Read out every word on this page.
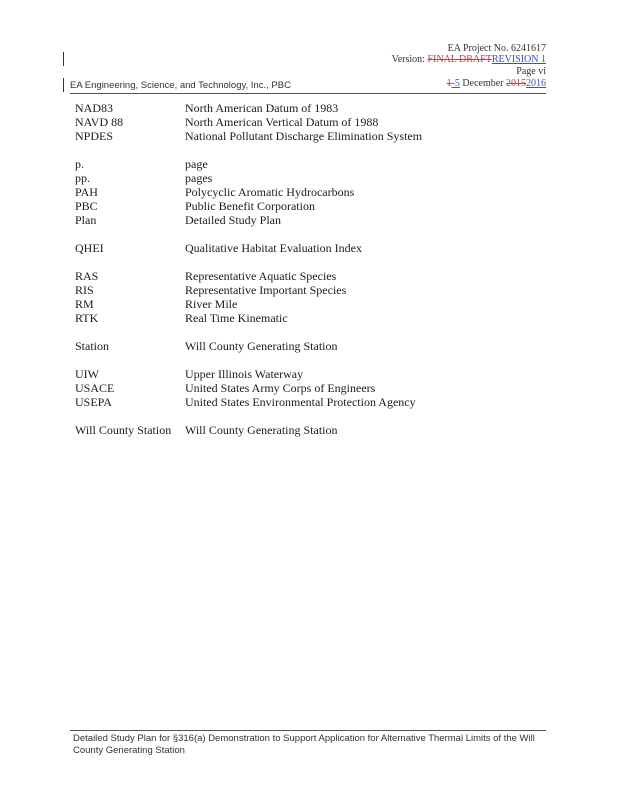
EA Project No. 6241617
Version: FINAL DRAFTREVISION 1
Page vi
1-5 December 20152016
EA Engineering, Science, and Technology, Inc., PBC
NAD83	North American Datum of 1983
NAVD 88	North American Vertical Datum of 1988
NPDES	National Pollutant Discharge Elimination System
p.	page
pp.	pages
PAH	Polycyclic Aromatic Hydrocarbons
PBC	Public Benefit Corporation
Plan	Detailed Study Plan
QHEI	Qualitative Habitat Evaluation Index
RAS	Representative Aquatic Species
RIS	Representative Important Species
RM	River Mile
RTK	Real Time Kinematic
Station	Will County Generating Station
UIW	Upper Illinois Waterway
USACE	United States Army Corps of Engineers
USEPA	United States Environmental Protection Agency
Will County Station	Will County Generating Station
Detailed Study Plan for §316(a) Demonstration to Support Application for Alternative Thermal Limits of the Will County Generating Station
